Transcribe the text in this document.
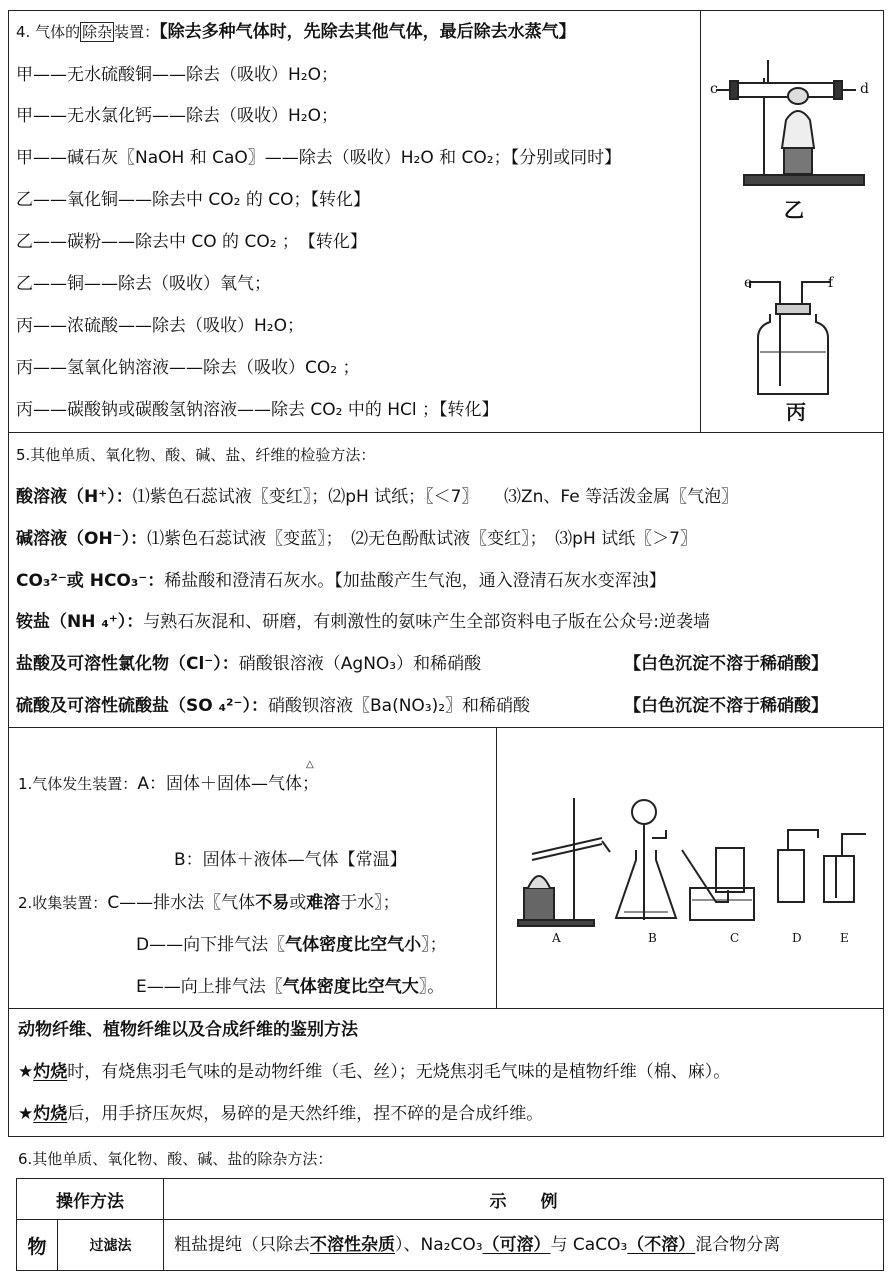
4. 气体的 除杂 装置：【除去多种气体时，先除去其他气体，最后除去水蒸气】
甲——无水硫酸铜——除去（吸收）H₂O；
甲——无水氯化钙——除去（吸收）H₂O；
甲——碱石灰〖NaOH 和 CaO〗——除去（吸收）H₂O 和 CO₂；【分别或同时】
乙——氧化铜——除去中 CO₂ 的 CO；【转化】
乙——碳粉——除去中 CO 的 CO₂ ；　【转化】
乙——铜——除去（吸收）氧气；
丙——浓硫酸——除去（吸收）H₂O；
丙——氢氧化钠溶液——除去（吸收）CO₂ ；
丙——碳酸钠或碳酸氢钠溶液——除去 CO₂ 中的 HCl ；【转化】
c	d
乙
e	f
丙
5.其他单质、氧化物、酸、碱、盐、纤维的检验方法：
酸溶液（H⁺）：⑴紫色石蕊试液〖变红〗；⑵pH 试纸；〖＜7〗　　⑶Zn、Fe 等活泼金属〖气泡〗
碱溶液（OH⁻）：⑴紫色石蕊试液〖变蓝〗；　⑵无色酚酞试液〖变红〗；　⑶pH 试纸〖＞7〗
CO₃²⁻或 HCO₃⁻：稀盐酸和澄清石灰水。【加盐酸产生气泡，通入澄清石灰水变浑浊】
铵盐（NH ₄⁺）：与熟石灰混和、研磨，有刺激性的氨味产生全部资料电子版在公众号:逆袭墙
盐酸及可溶性氯化物（Cl⁻）：硝酸银溶液（AgNO₃）和稀硝酸	【白色沉淀不溶于稀硝酸】
硫酸及可溶性硫酸盐（SO ₄²⁻）：硝酸钡溶液〖Ba(NO₃)₂〗和稀硝酸	【白色沉淀不溶于稀硝酸】
1.气体发生装置：A：固体＋固体—气体；
△
B：固体＋液体—气体【常温】
2.收集装置：C——排水法〖气体不易或难溶于水〗；
D——向下排气法〖气体密度比空气小〗；
E——向上排气法〖气体密度比空气大〗。
A	B	C	D	E
动物纤维、植物纤维以及合成纤维的鉴别方法
★灼烧时，有烧焦羽毛气味的是动物纤维（毛、丝）；无烧焦羽毛气味的是植物纤维（棉、麻）。
★灼烧后，用手挤压灰烬，易碎的是天然纤维，捏不碎的是合成纤维。
6.其他单质、氧化物、酸、碱、盐的除杂方法：
操作方法	示　　例
物	过滤法	粗盐提纯（只除去不溶性杂质）、Na₂CO₃（可溶）与 CaCO₃（不溶）混合物分离
